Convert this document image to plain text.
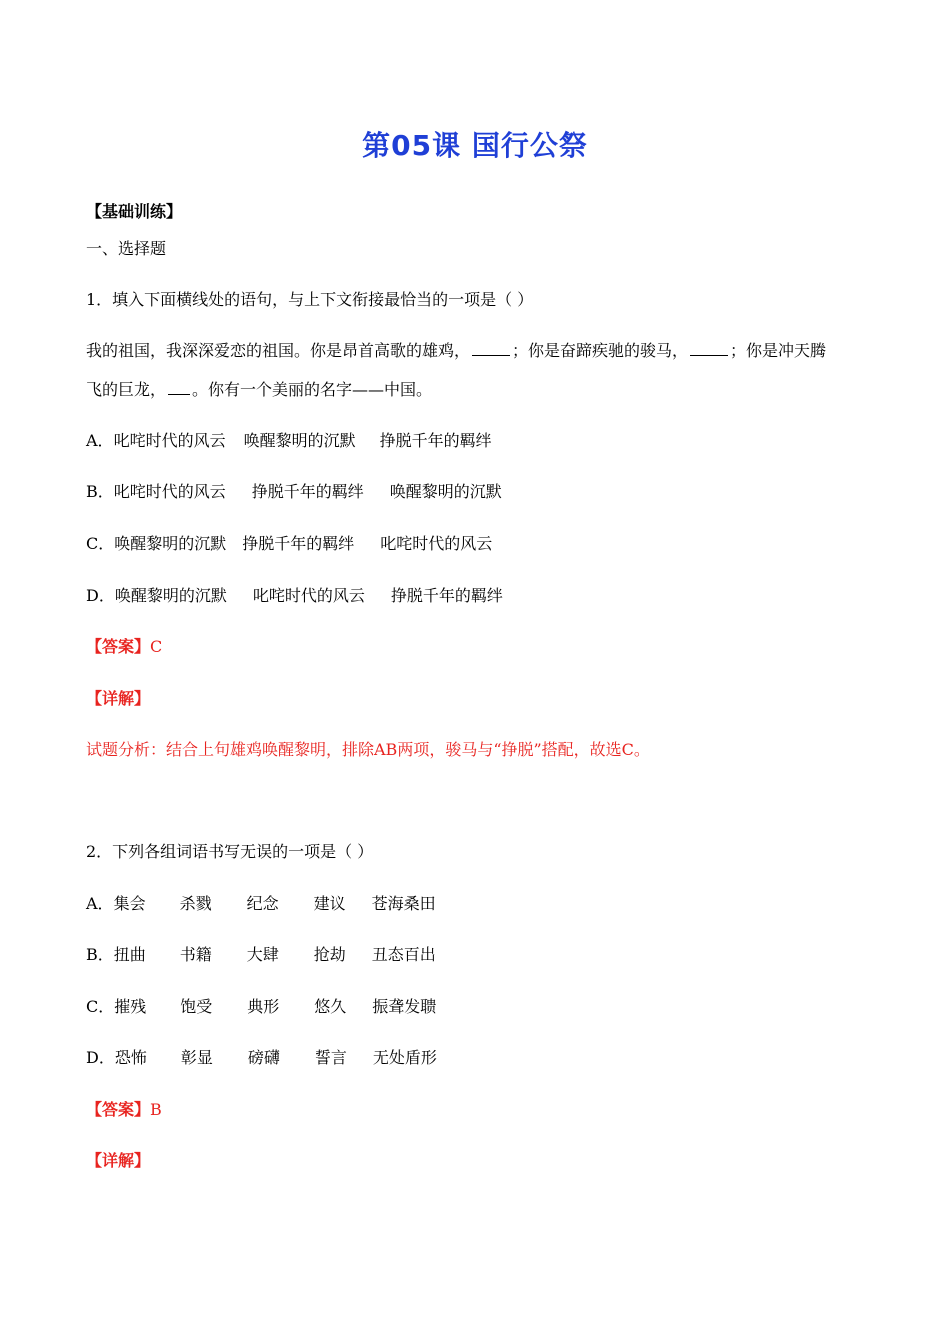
第05课 国行公祭
【基础训练】
一、选择题
1．填入下面横线处的语句，与上下文衔接最恰当的一项是（ ）
我的祖国，我深深爱恋的祖国。你是昂首高歌的雄鸡，	；你是奋蹄疾驰的骏马，	；你是冲天腾
飞的巨龙， 。你有一个美丽的名字——中国。
A．叱咤时代的风云 唤醒黎明的沉默 挣脱千年的羁绊
B．叱咤时代的风云 挣脱千年的羁绊 唤醒黎明的沉默
C．唤醒黎明的沉默 挣脱千年的羁绊 叱咤时代的风云
D．唤醒黎明的沉默 叱咤时代的风云 挣脱千年的羁绊
【答案】C
【详解】
试题分析：结合上句雄鸡唤醒黎明，排除AB两项，骏马与“挣脱”搭配，故选C。
2．下列各组词语书写无误的一项是（ ）
A．集会 杀戮 纪念 建议 苍海桑田
B．扭曲 书籍 大肆 抢劫 丑态百出
C．摧残 饱受 典形 悠久 振聋发聩
D．恐怖 彰显 磅礴 誓言 无处盾形
【答案】B
【详解】
